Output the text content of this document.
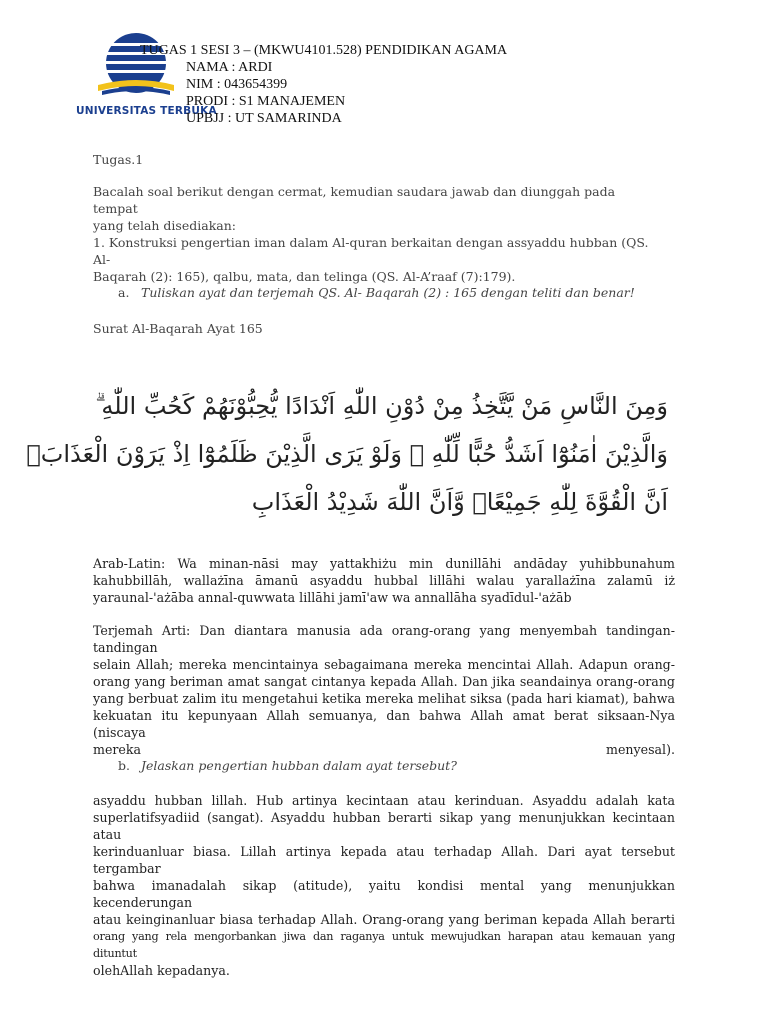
UNIVERSITAS TERBUKA
TUGAS 1 SESI 3 – (MKWU4101.528) PENDIDIKAN AGAMA
NAMA : ARDI
NIM : 043654399
PRODI : S1 MANAJEMEN
UPBJJ : UT SAMARINDA
Tugas.1
Bacalah soal berikut dengan cermat, kemudian saudara jawab dan diunggah pada tempat
yang telah disediakan:
1. Konstruksi pengertian iman dalam Al-quran berkaitan dengan assyaddu hubban (QS. Al-
Baqarah (2): 165), qalbu, mata, dan telinga (QS. Al-A’raaf (7):179).
a. Tuliskan ayat dan terjemah QS. Al- Baqarah (2) : 165 dengan teliti dan benar!
Surat Al-Baqarah Ayat 165
وَمِنَ النَّاسِ مَنْ يَّتَّخِذُ مِنْ دُوْنِ اللّٰهِ اَنْدَادًا يُّحِبُّوْنَهُمْ كَحُبِّ اللّٰهِ ۗ
وَالَّذِيْنَ اٰمَنُوْٓا اَشَدُّ حُبًّا لِّلّٰهِ ۗ وَلَوْ يَرَى الَّذِيْنَ ظَلَمُوْٓا اِذْ يَرَوْنَ الْعَذَابَۙ
اَنَّ الْقُوَّةَ لِلّٰهِ جَمِيْعًاۙ وَّاَنَّ اللّٰهَ شَدِيْدُ الْعَذَابِ
Arab-Latin: Wa minan-nāsi may yattakhiżu min dunillāhi andāday yuhibbunahum
kahubbillāh, wallażīna āmanū asyaddu hubbal lillāhi walau yarallażīna zalamū iż
yaraunal-'ażāba annal-quwwata lillāhi jamī'aw wa annallāha syadīdul-'ażāb
Terjemah Arti: Dan diantara manusia ada orang-orang yang menyembah tandingan-tandingan
selain Allah; mereka mencintainya sebagaimana mereka mencintai Allah. Adapun orang-
orang yang beriman amat sangat cintanya kepada Allah. Dan jika seandainya orang-orang
yang berbuat zalim itu mengetahui ketika mereka melihat siksa (pada hari kiamat), bahwa
kekuatan itu kepunyaan Allah semuanya, dan bahwa Allah amat berat siksaan-Nya (niscaya
mereka menyesal).
b. Jelaskan pengertian hubban dalam ayat tersebut?
asyaddu hubban lillah. Hub artinya kecintaan atau kerinduan. Asyaddu adalah kata
superlatifsyadiid (sangat). Asyaddu hubban berarti sikap yang menunjukkan kecintaan atau
kerinduanluar biasa. Lillah artinya kepada atau terhadap Allah. Dari ayat tersebut tergambar
bahwa imanadalah sikap (atitude), yaitu kondisi mental yang menunjukkan kecenderungan
atau keinginanluar biasa terhadap Allah. Orang-orang yang beriman kepada Allah berarti
orang yang rela mengorbankan jiwa dan raganya untuk mewujudkan harapan atau kemauan yang dituntut
olehAllah kepadanya.
